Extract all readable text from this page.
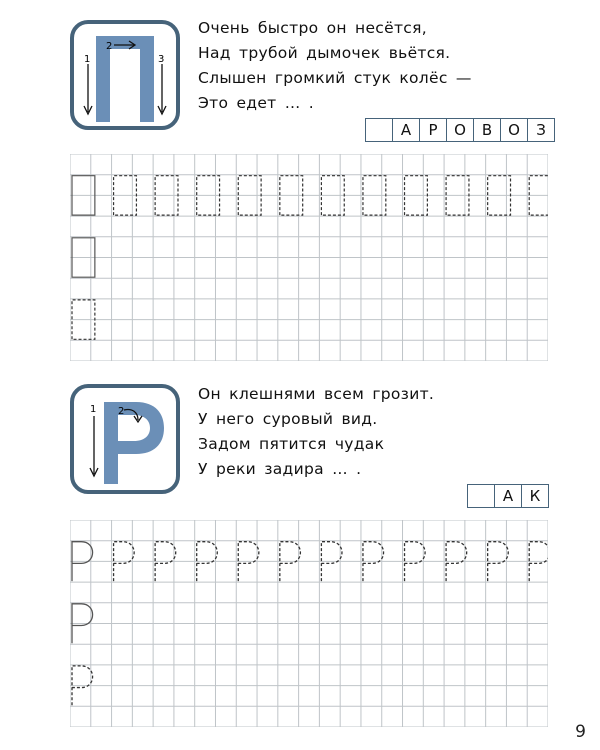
1
2
3
Очень быстро он несётся,
Над трубой дымочек вьётся.
Слышен громкий стук колёс —
Это едет … .
А	Р	О	В	О	З
1 2
Он клешнями всем грозит.
У него суровый вид.
Задом пятится чудак
У реки задира … .
А	К
9
